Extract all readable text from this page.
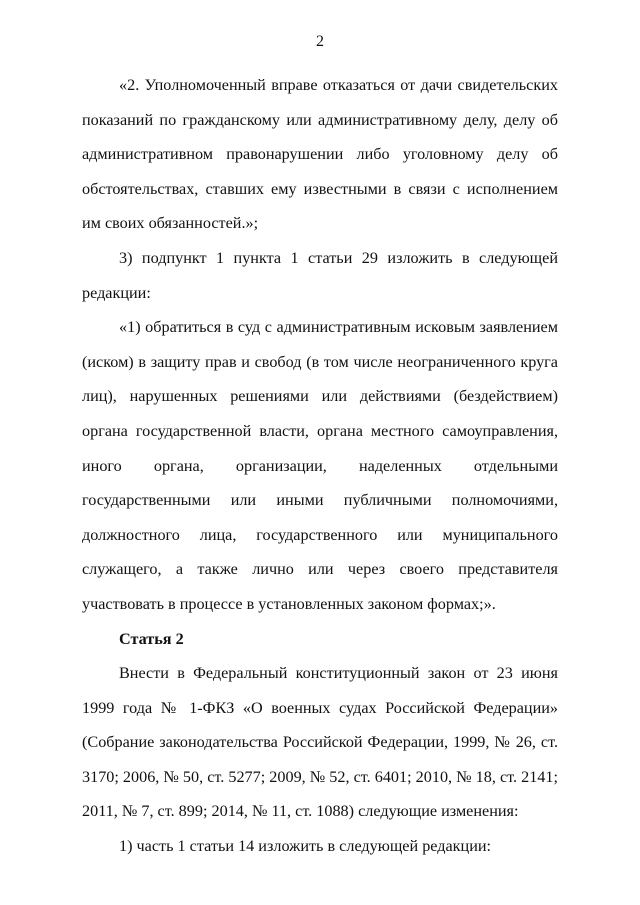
2

«2. Уполномоченный вправе отказаться от дачи свидетельских показаний по гражданскому или административному делу, делу об административном правонарушении либо уголовному делу об обстоятельствах, ставших ему известными в связи с исполнением им своих обязанностей.»;

3) подпункт 1 пункта 1 статьи 29 изложить в следующей редакции:

«1) обратиться в суд с административным исковым заявлением (иском) в защиту прав и свобод (в том числе неограниченного круга лиц), нарушенных решениями или действиями (бездействием) органа государственной власти, органа местного самоуправления, иного органа, организации, наделенных отдельными государственными или иными публичными полномочиями, должностного лица, государственного или муниципального служащего, а также лично или через своего представителя участвовать в процессе в установленных законом формах;».

Статья 2

Внести в Федеральный конституционный закон от 23 июня 1999 года № 1-ФКЗ «О военных судах Российской Федерации» (Собрание законодательства Российской Федерации, 1999, № 26, ст. 3170; 2006, № 50, ст. 5277; 2009, № 52, ст. 6401; 2010, № 18, ст. 2141; 2011, № 7, ст. 899; 2014, № 11, ст. 1088) следующие изменения:

1) часть 1 статьи 14 изложить в следующей редакции:
